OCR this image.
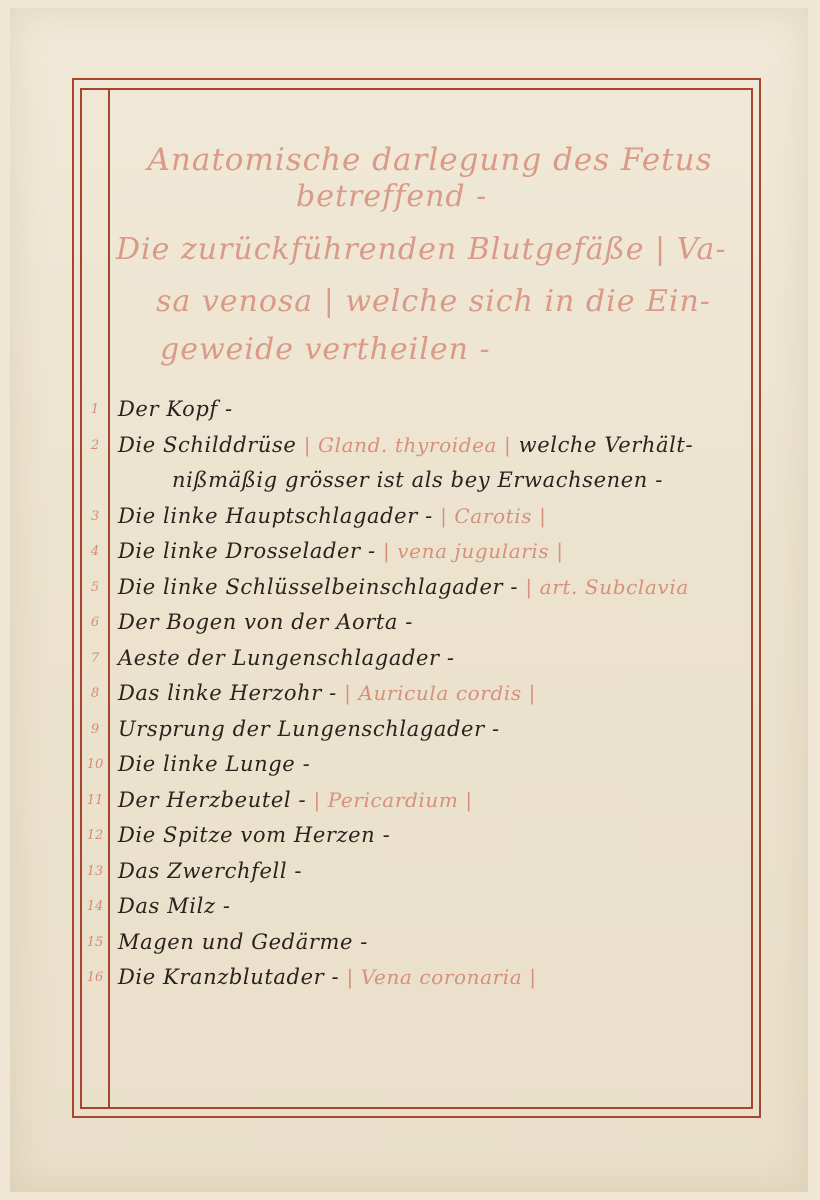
Anatomische darlegung des Fetus
betreffend -
Die zurückführenden Blutgefäße | Va-
sa venosa | welche sich in die Ein-
geweide vertheilen -
1 Der Kopf -
2 Die Schilddrüse | Gland. thyroidea | welche Verhält-
nißmäßig grösser ist als bey Erwachsenen -
3 Die linke Hauptschlagader - | Carotis |
4 Die linke Drosselader - | vena jugularis |
5 Die linke Schlüsselbeinschlagader - | art. Subclavia
6 Der Bogen von der Aorta -
7 Aeste der Lungenschlagader -
8 Das linke Herzohr - | Auricula cordis |
9 Ursprung der Lungenschlagader -
10 Die linke Lunge -
11 Der Herzbeutel - | Pericardium |
12 Die Spitze vom Herzen -
13 Das Zwerchfell -
14 Das Milz -
15 Magen und Gedärme -
16 Die Kranzblutader - | Vena coronaria |
